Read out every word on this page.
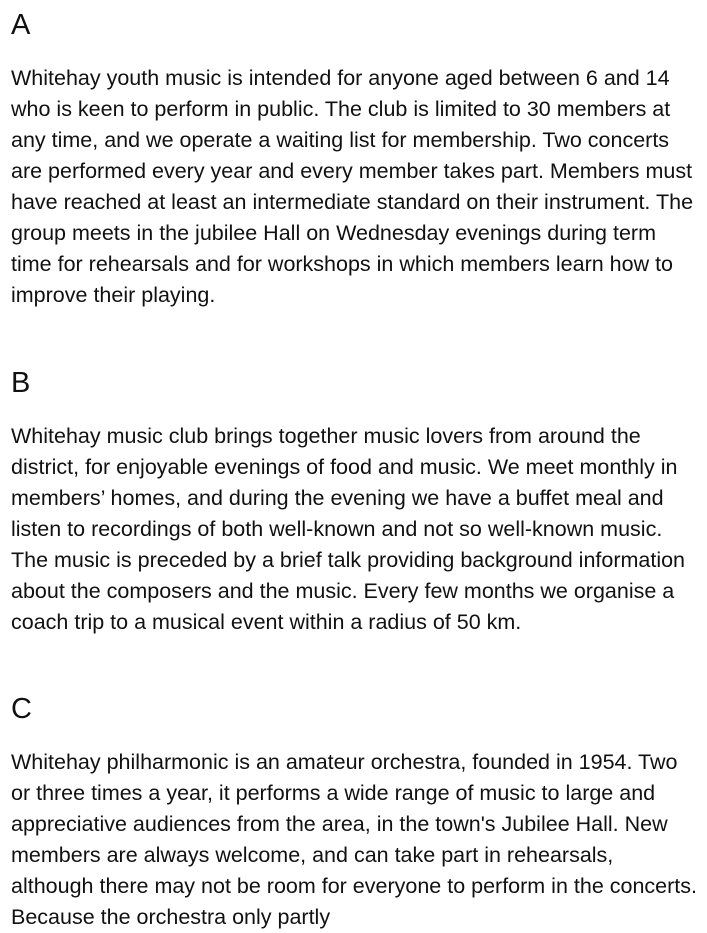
A

Whitehay youth music is intended for anyone aged between 6 and 14 who is keen to perform in public. The club is limited to 30 members at any time, and we operate a waiting list for membership. Two concerts are performed every year and every member takes part. Members must have reached at least an intermediate standard on their instrument. The group meets in the jubilee Hall on Wednesday evenings during term time for rehearsals and for workshops in which members learn how to improve their playing.

B

Whitehay music club brings together music lovers from around the district, for enjoyable evenings of food and music. We meet monthly in members’ homes, and during the evening we have a buffet meal and listen to recordings of both well-known and not so well-known music. The music is preceded by a brief talk providing background information about the composers and the music. Every few months we organise a coach trip to a musical event within a radius of 50 km.

C

Whitehay philharmonic is an amateur orchestra, founded in 1954. Two or three times a year, it performs a wide range of music to large and appreciative audiences from the area, in the town's Jubilee Hall. New members are always welcome, and can take part in rehearsals, although there may not be room for everyone to perform in the concerts. Because the orchestra only partly
